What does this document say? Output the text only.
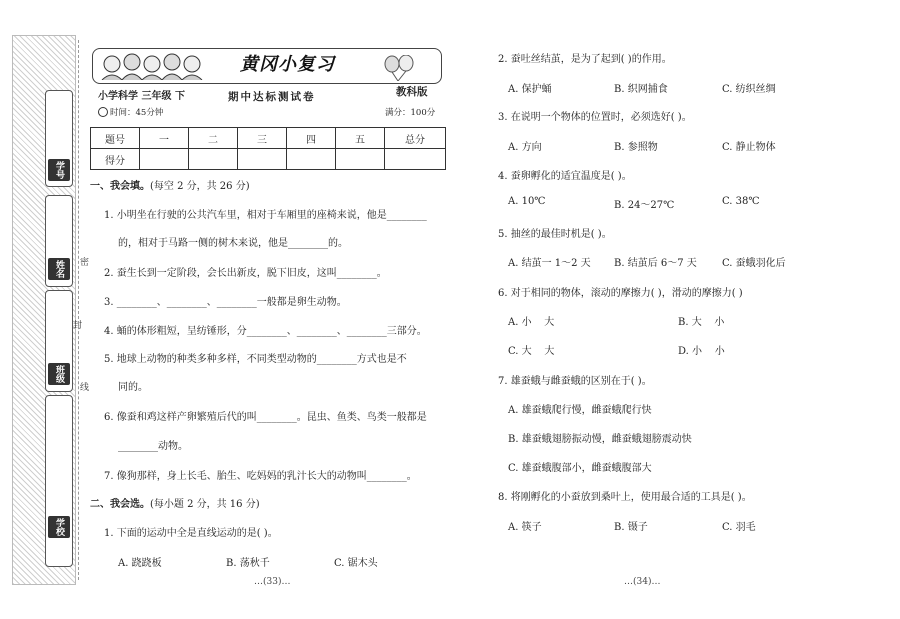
学号
姓名
班级
学校
密
封
线
黄冈小复习
小学科学 三年级 下	期中达标测试卷	教科版
时间：45分钟	满分：100分
题号	一	二	三	四	五	总分
得分						
一、我会填。(每空 2 分，共 26 分)
1. 小明坐在行驶的公共汽车里，相对于车厢里的座椅来说，他是________
的，相对于马路一侧的树木来说，他是________的。
2. 蚕生长到一定阶段，会长出新皮，脱下旧皮，这叫________。
3. ________、________、________一般都是卵生动物。
4. 蛹的体形粗短，呈纺锤形，分________、________、________三部分。
5. 地球上动物的种类多种多样，不同类型动物的________方式也是不
同的。
6. 像蚕和鸡这样产卵繁殖后代的叫________。昆虫、鱼类、鸟类一般都是
________动物。
7. 像狗那样，身上长毛、胎生、吃妈妈的乳汁长大的动物叫________。
二、我会选。(每小题 2 分，共 16 分)
1. 下面的运动中全是直线运动的是( )。
A. 跷跷板	B. 荡秋千	C. 锯木头
…(33)…
2. 蚕吐丝结茧，是为了起到( )的作用。
A. 保护蛹	B. 织网捕食	C. 纺织丝绸
3. 在说明一个物体的位置时，必须选好( )。
A. 方向	B. 参照物	C. 静止物体
4. 蚕卵孵化的适宜温度是( )。
A. 10℃	B. 24～27℃	C. 38℃
5. 抽丝的最佳时机是( )。
A. 结茧一 1～2 天 B. 结茧后 6～7 天	C. 蚕蛾羽化后
6. 对于相同的物体，滚动的摩擦力( )，滑动的摩擦力( )
A. 小    大	B. 大    小
C. 大    大	D. 小    小
7. 雄蚕蛾与雌蚕蛾的区别在于( )。
A. 雄蚕蛾爬行慢，雌蚕蛾爬行快
B. 雄蚕蛾翅膀振动慢，雌蚕蛾翅膀震动快
C. 雄蚕蛾腹部小，雌蚕蛾腹部大
8. 将刚孵化的小蚕放到桑叶上，使用最合适的工具是( )。
A. 筷子	B. 镊子	C. 羽毛
…(34)…
